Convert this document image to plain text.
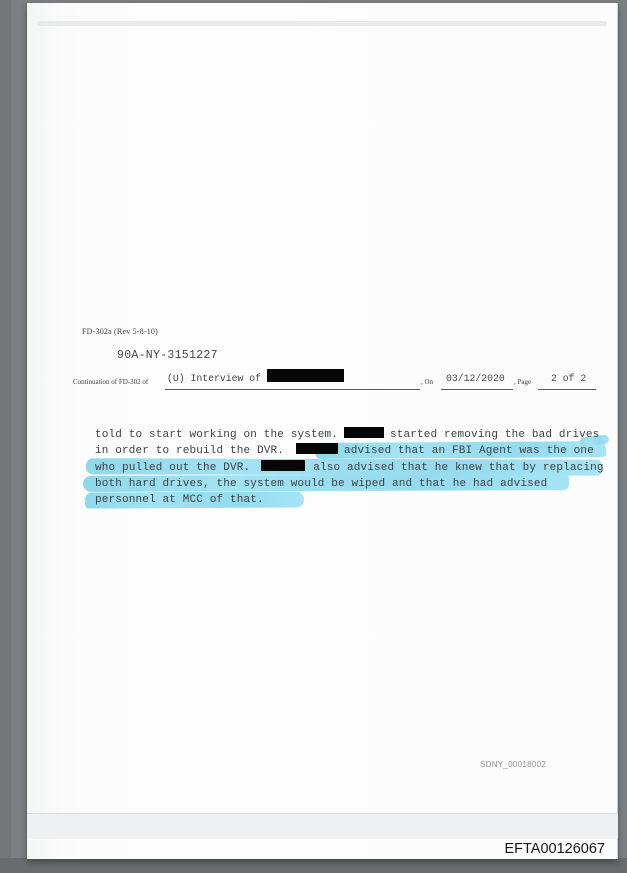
FD-302a (Rev 5-8-10)
90A-NY-3151227
Continuation of FD-302 of (U) Interview of	, On 03/12/2020 , Page 2 of 2
told to start working on the system.	started removing the bad drives
in order to rebuild the DVR.	advised that an FBI Agent was the one
who pulled out the DVR.	also advised that he knew that by replacing
both hard drives, the system would be wiped and that he had advised
personnel at MCC of that.
SDNY_00018002
EFTA00126067
